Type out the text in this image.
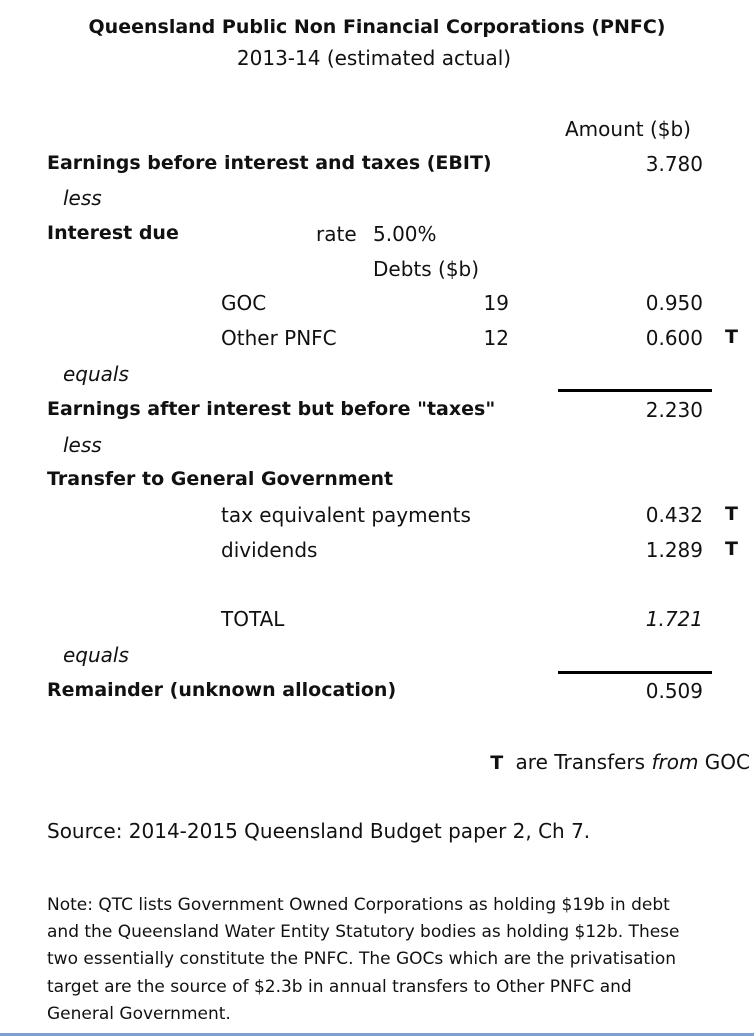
Queensland Public Non Financial Corporations (PNFC)
2013-14 (estimated actual)
Amount ($b)
Earnings before interest and taxes (EBIT)	3.780
less
Interest due	rate 5.00%
Debts ($b)
GOC	19	0.950
Other PNFC	12	0.600 T
equals
Earnings after interest but before "taxes"	2.230
less
Transfer to General Government
tax equivalent payments	0.432 T
dividends	1.289 T
TOTAL	1.721
equals
Remainder (unknown allocation)	0.509
T are Transfers from GOC
Source: 2014-2015 Queensland Budget paper 2, Ch 7.
Note: QTC lists Government Owned Corporations as holding $19b in debt
and the Queensland Water Entity Statutory bodies as holding $12b. These
two essentially constitute the PNFC. The GOCs which are the privatisation
target are the source of $2.3b in annual transfers to Other PNFC and
General Government.
